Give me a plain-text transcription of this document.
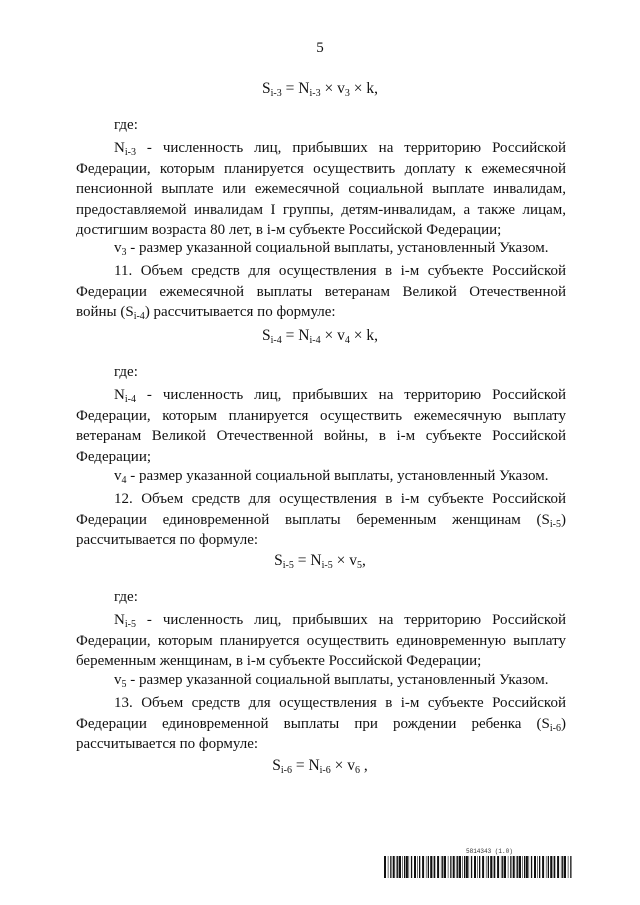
5
$S_{i-3} = N_{i-3} \times v_3 \times k$,
где:

$N_{i-3}$ - численность лиц, прибывших на территорию Российской Федерации, которым планируется осуществить доплату к ежемесячной пенсионной выплате или ежемесячной социальной выплате инвалидам, предоставляемой инвалидам I группы, детям-инвалидам, а также лицам, достигшим возраста 80 лет, в i-м субъекте Российской Федерации;

$v_3$ - размер указанной социальной выплаты, установленный Указом.

11. Объем средств для осуществления в i-м субъекте Российской Федерации ежемесячной выплаты ветеранам Великой Отечественной войны $(S_{i-4})$ рассчитывается по формуле:

$S_{i-4} = N_{i-4} \times v_4 \times k$,
где:

$N_{i-4}$ - численность лиц, прибывших на территорию Российской Федерации, которым планируется осуществить ежемесячную выплату ветеранам Великой Отечественной войны, в i-м субъекте Российской Федерации;

$v_4$ - размер указанной социальной выплаты, установленный Указом.

12. Объем средств для осуществления в i-м субъекте Российской Федерации единовременной выплаты беременным женщинам $(S_{i-5})$ рассчитывается по формуле:

$S_{i-5} = N_{i-5} \times v_5$,
где:

$N_{i-5}$ - численность лиц, прибывших на территорию Российской Федерации, которым планируется осуществить единовременную выплату беременным женщинам, в i-м субъекте Российской Федерации;

$v_5$ - размер указанной социальной выплаты, установленный Указом.

13. Объем средств для осуществления в i-м субъекте Российской Федерации единовременной выплаты при рождении ребенка $(S_{i-6})$ рассчитывается по формуле:

$S_{i-6} = N_{i-6} \times v_6$ ,
5814343 (1.0)
